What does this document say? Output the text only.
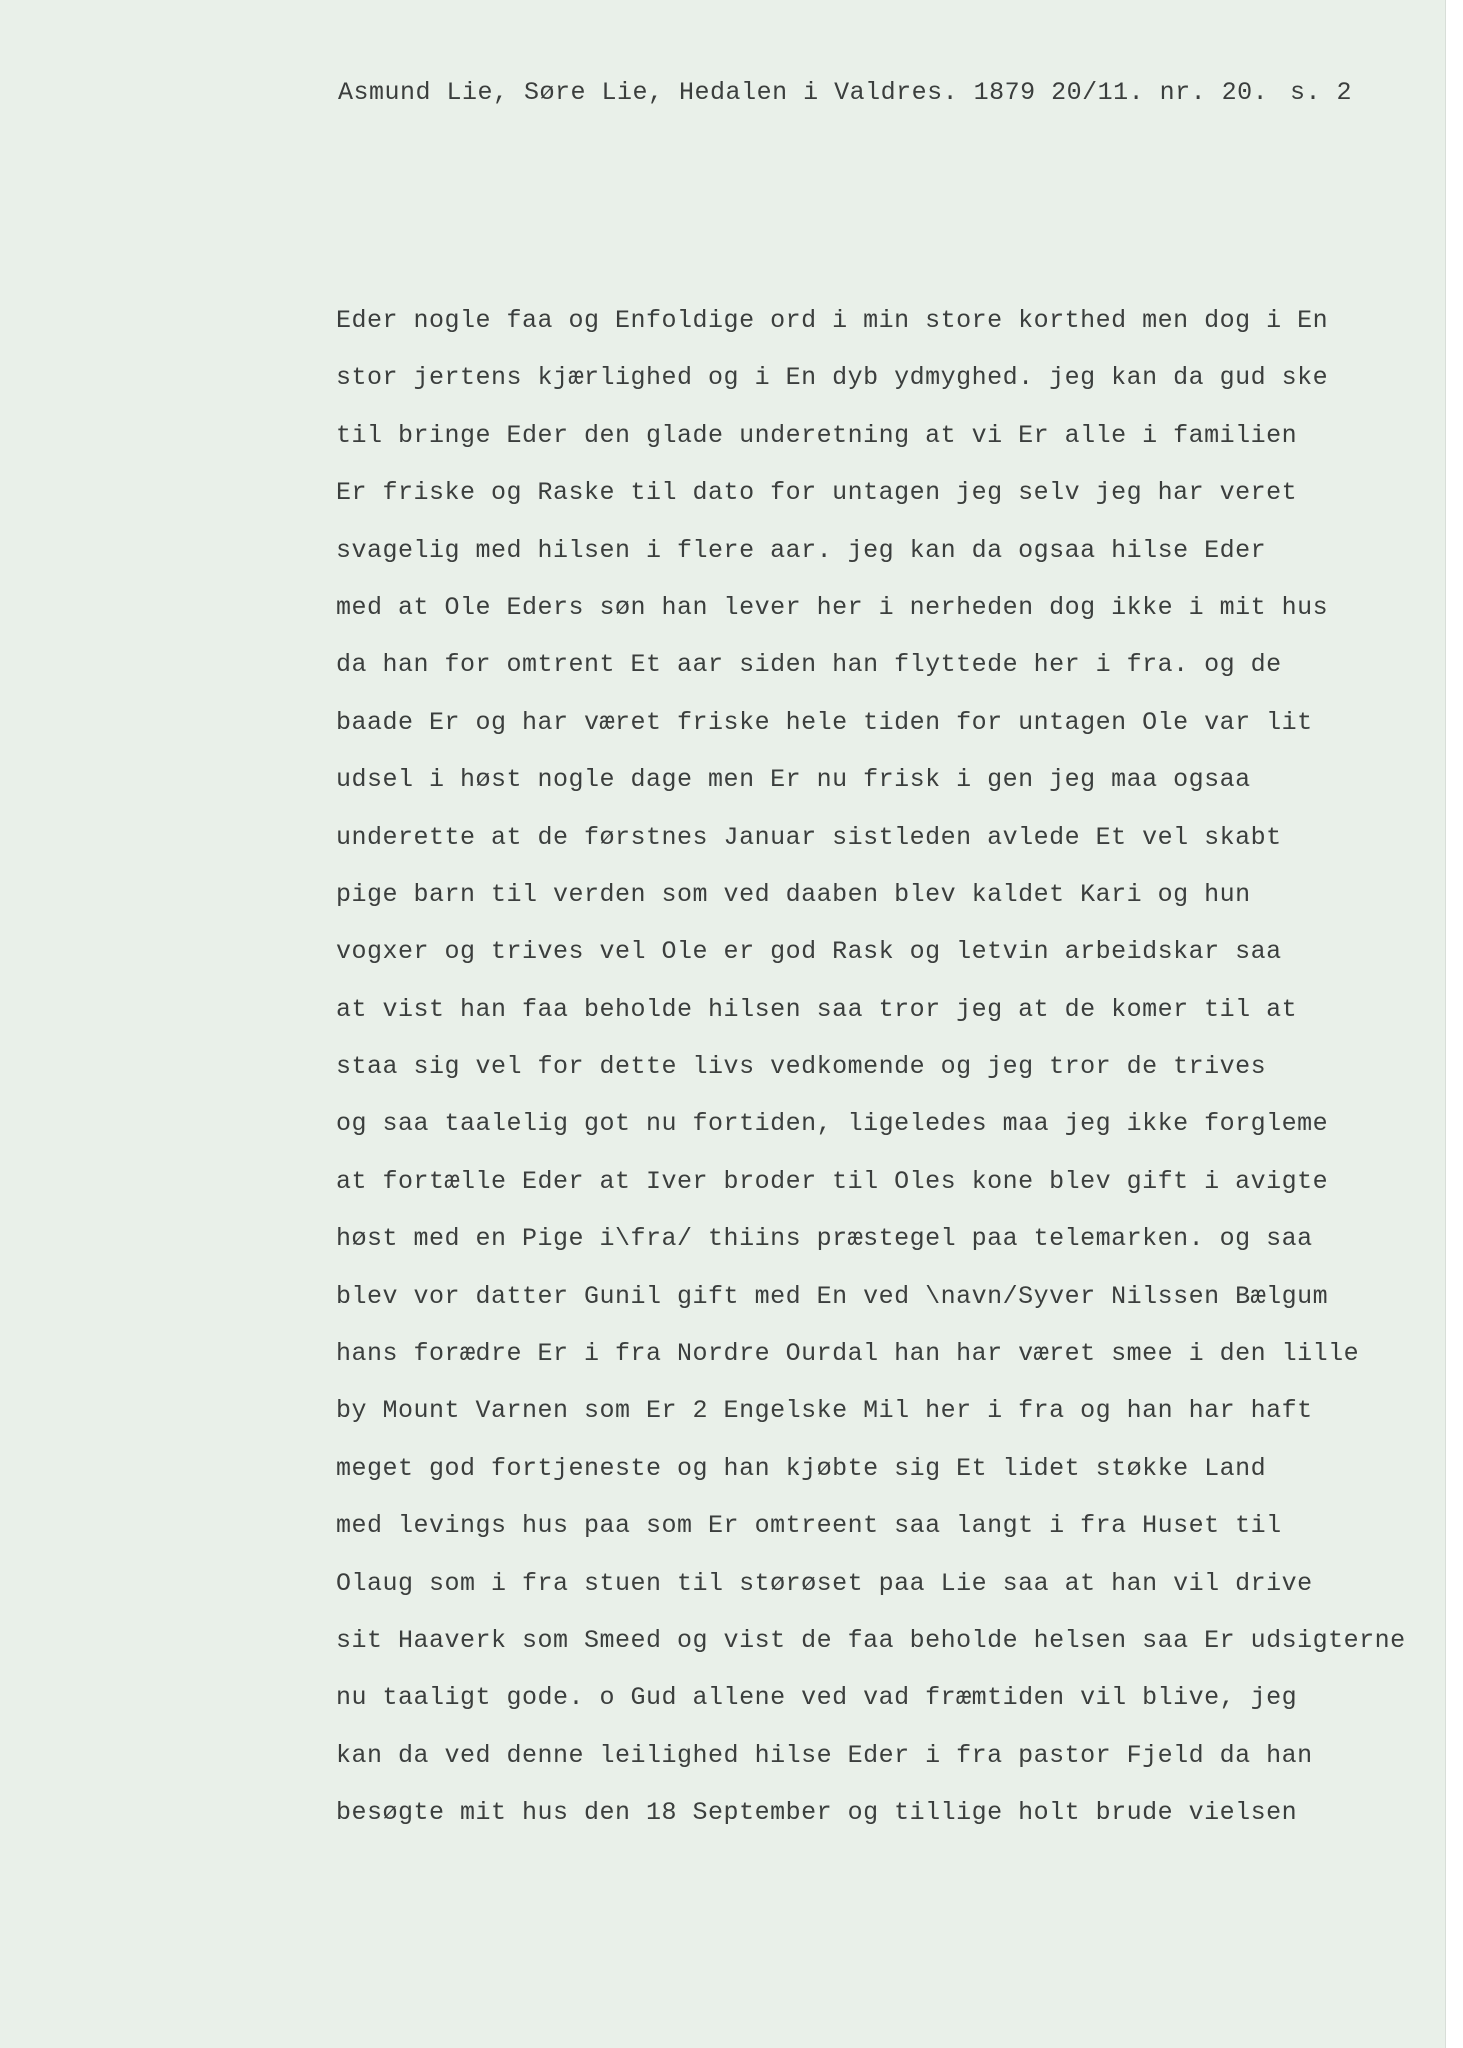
Asmund Lie, Søre Lie, Hedalen i Valdres. 1879 20/11. nr. 20. s. 2
Eder nogle faa og Enfoldige ord i min store korthed men dog i En
stor jertens kjærlighed og i En dyb ydmyghed. jeg kan da gud ske
til bringe Eder den glade underetning at vi Er alle i familien
Er friske og Raske til dato for untagen jeg selv jeg har veret
svagelig med hilsen i flere aar. jeg kan da ogsaa hilse Eder
med at Ole Eders søn han lever her i nerheden dog ikke i mit hus
da han for omtrent Et aar siden han flyttede her i fra. og de
baade Er og har været friske hele tiden for untagen Ole var lit
udsel i høst nogle dage men Er nu frisk i gen jeg maa ogsaa
underette at de førstnes Januar sistleden avlede Et vel skabt
pige barn til verden som ved daaben blev kaldet Kari og hun
vogxer og trives vel Ole er god Rask og letvin arbeidskar saa
at vist han faa beholde hilsen saa tror jeg at de komer til at
staa sig vel for dette livs vedkomende og jeg tror de trives
og saa taalelig got nu fortiden, ligeledes maa jeg ikke forgleme
at fortælle Eder at Iver broder til Oles kone blev gift i avigte
høst med en Pige i\fra/ thiins præstegel paa telemarken. og saa
blev vor datter Gunil gift med En ved \navn/Syver Nilssen Bælgum
hans forædre Er i fra Nordre Ourdal han har været smee i den lille
by Mount Varnen som Er 2 Engelske Mil her i fra og han har haft
meget god fortjeneste og han kjøbte sig Et lidet støkke Land
med levings hus paa som Er omtreent saa langt i fra Huset til
Olaug som i fra stuen til størøset paa Lie saa at han vil drive
sit Haaverk som Smeed og vist de faa beholde helsen saa Er udsigterne
nu taaligt gode. o Gud allene ved vad fræmtiden vil blive, jeg
kan da ved denne leilighed hilse Eder i fra pastor Fjeld da han
besøgte mit hus den 18 September og tillige holt brude vielsen
